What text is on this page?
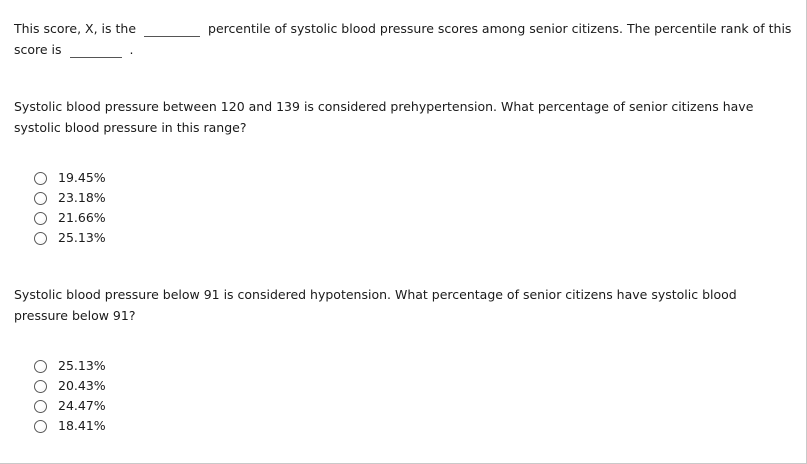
This score, X, is the	percentile of systolic blood pressure scores among senior citizens. The percentile rank of this score is	.
Systolic blood pressure between 120 and 139 is considered prehypertension. What percentage of senior citizens have systolic blood pressure in this range?
19.45%
23.18%
21.66%
25.13%
Systolic blood pressure below 91 is considered hypotension. What percentage of senior citizens have systolic blood pressure below 91?
25.13%
20.43%
24.47%
18.41%
